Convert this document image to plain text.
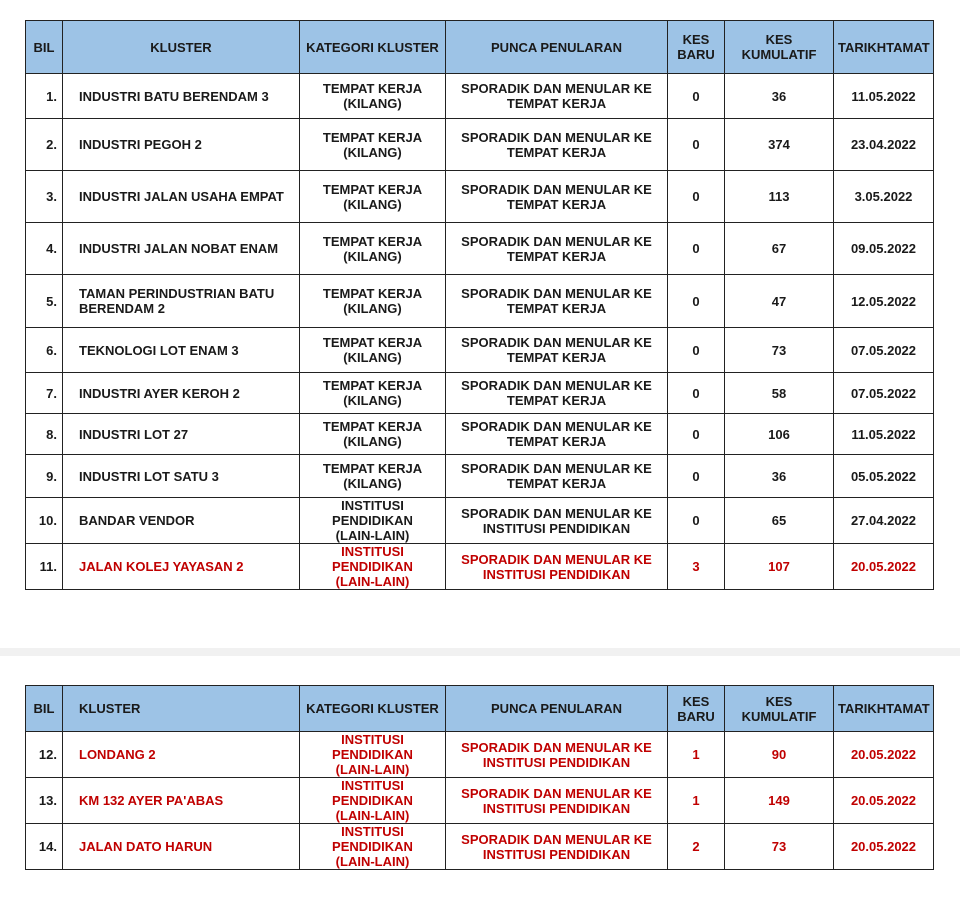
BIL	KLUSTER	KATEGORI KLUSTER	PUNCA PENULARAN	KES
BARU	KES
KUMULATIF	TARIKHTAMAT

1.	INDUSTRI BATU BERENDAM 3	TEMPAT KERJA
(KILANG)	SPORADIK DAN MENULAR KE
TEMPAT KERJA	0	36	11.05.2022

2.	INDUSTRI PEGOH 2	TEMPAT KERJA
(KILANG)	SPORADIK DAN MENULAR KE
TEMPAT KERJA	0	374	23.04.2022

3.	INDUSTRI JALAN USAHA EMPAT	TEMPAT KERJA
(KILANG)	SPORADIK DAN MENULAR KE
TEMPAT KERJA	0	113	3.05.2022

4.	INDUSTRI JALAN NOBAT ENAM	TEMPAT KERJA
(KILANG)	SPORADIK DAN MENULAR KE
TEMPAT KERJA	0	67	09.05.2022

5.	TAMAN PERINDUSTRIAN BATU
BERENDAM 2	TEMPAT KERJA
(KILANG)	SPORADIK DAN MENULAR KE
TEMPAT KERJA	0	47	12.05.2022

6.	TEKNOLOGI LOT ENAM 3	TEMPAT KERJA
(KILANG)	SPORADIK DAN MENULAR KE
TEMPAT KERJA	0	73	07.05.2022

7.	INDUSTRI AYER KEROH 2	TEMPAT KERJA
(KILANG)	SPORADIK DAN MENULAR KE
TEMPAT KERJA	0	58	07.05.2022

8.	INDUSTRI LOT 27	TEMPAT KERJA
(KILANG)	SPORADIK DAN MENULAR KE
TEMPAT KERJA	0	106	11.05.2022

9.	INDUSTRI LOT SATU 3	TEMPAT KERJA
(KILANG)	SPORADIK DAN MENULAR KE
TEMPAT KERJA	0	36	05.05.2022

10.	BANDAR VENDOR	INSTITUSI
PENDIDIKAN
(LAIN-LAIN)	SPORADIK DAN MENULAR KE
INSTITUSI PENDIDIKAN	0	65	27.04.2022

11.	JALAN KOLEJ YAYASAN 2	INSTITUSI
PENDIDIKAN
(LAIN-LAIN)	SPORADIK DAN MENULAR KE
INSTITUSI PENDIDIKAN	3	107	20.05.2022
BIL	KLUSTER	KATEGORI KLUSTER	PUNCA PENULARAN	KES
BARU	KES
KUMULATIF	TARIKHTAMAT

12.	LONDANG 2	INSTITUSI
PENDIDIKAN
(LAIN-LAIN)	SPORADIK DAN MENULAR KE
INSTITUSI PENDIDIKAN	1	90	20.05.2022

13.	KM 132 AYER PA'ABAS	INSTITUSI
PENDIDIKAN
(LAIN-LAIN)	SPORADIK DAN MENULAR KE
INSTITUSI PENDIDIKAN	1	149	20.05.2022

14.	JALAN DATO HARUN	INSTITUSI
PENDIDIKAN
(LAIN-LAIN)	SPORADIK DAN MENULAR KE
INSTITUSI PENDIDIKAN	2	73	20.05.2022
